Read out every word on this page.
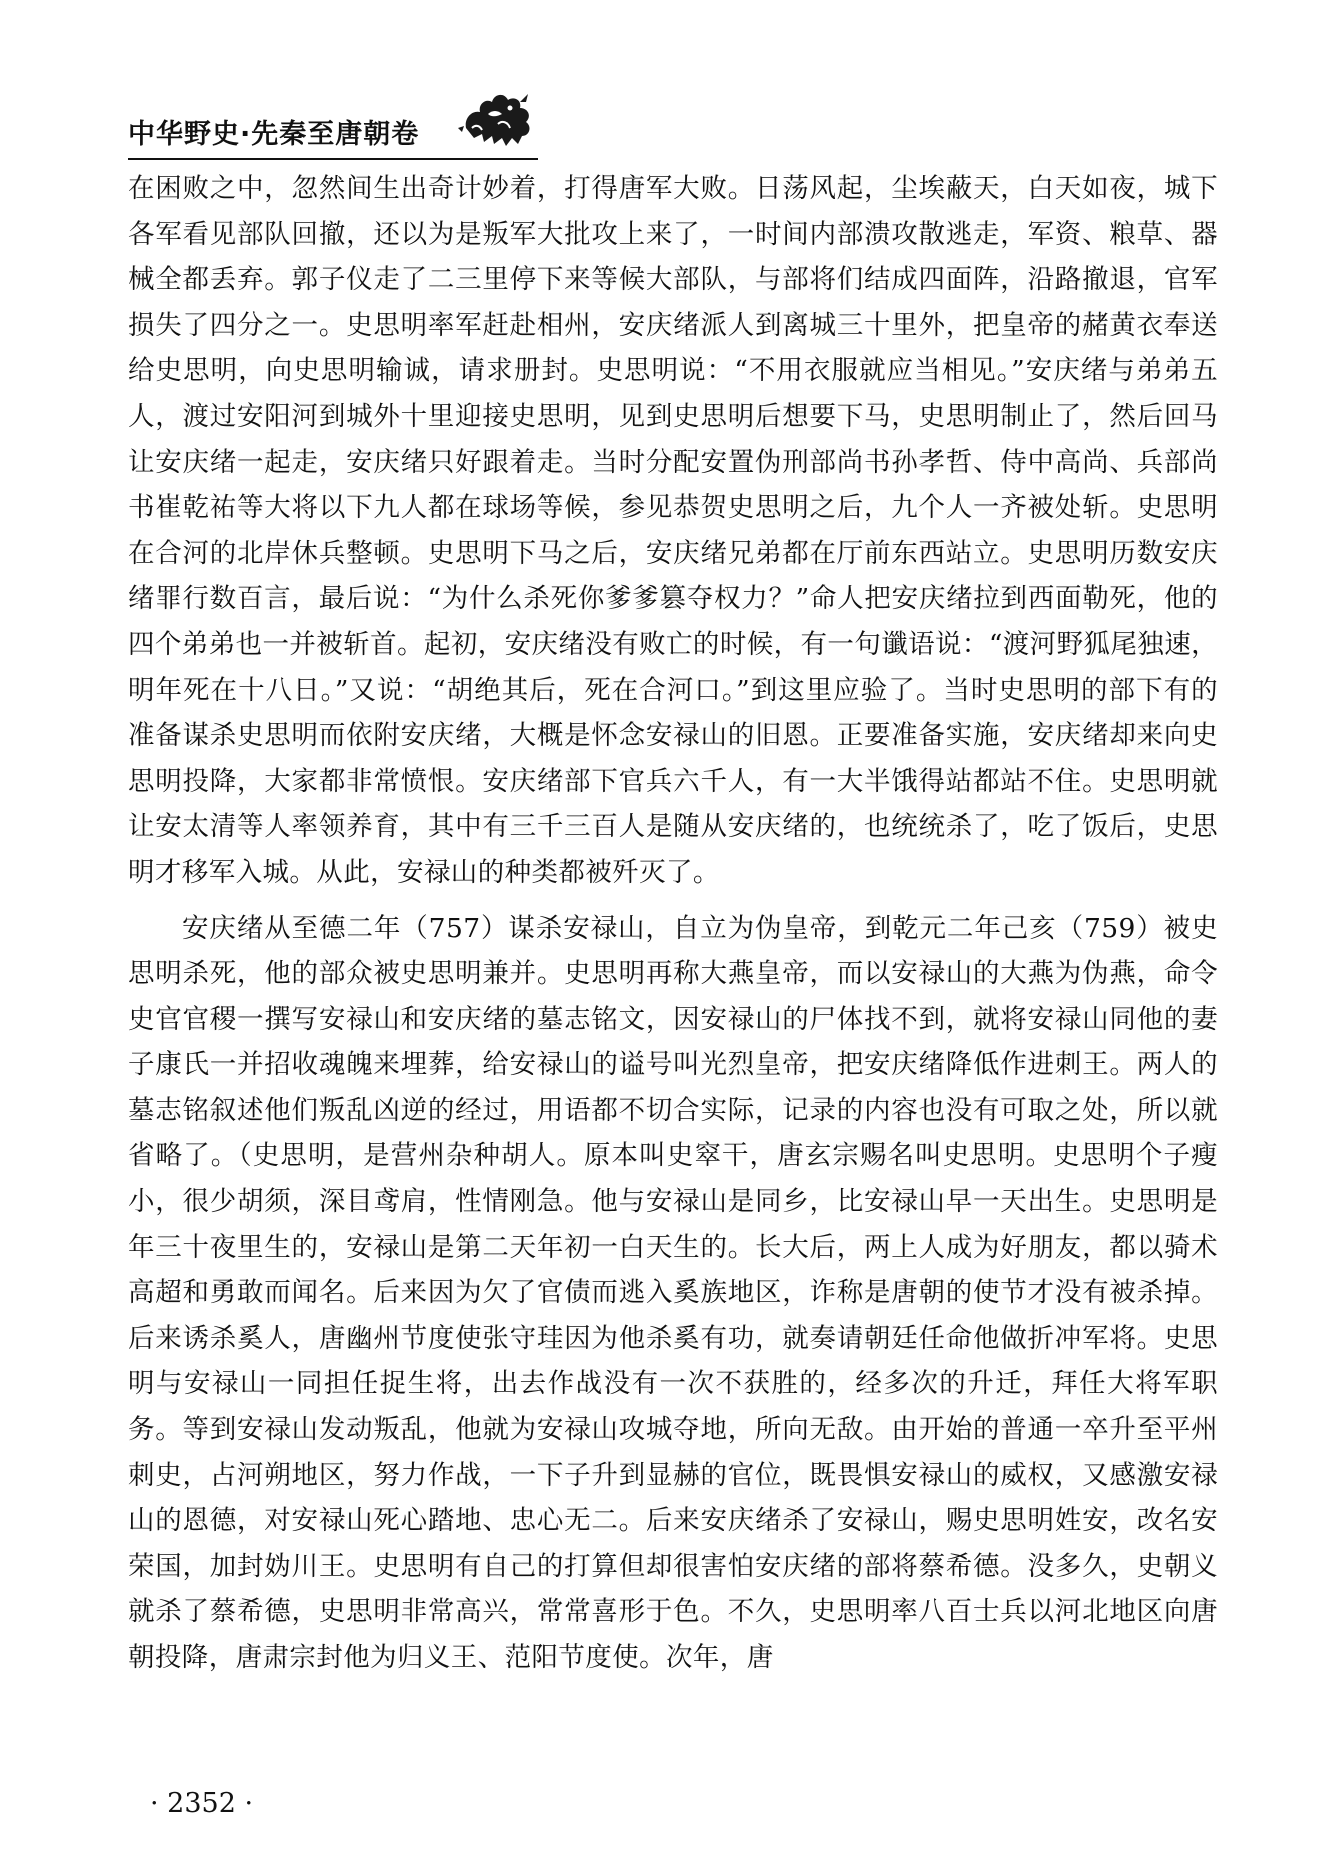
中华野史·先秦至唐朝卷

在困败之中，忽然间生出奇计妙着，打得唐军大败。日荡风起，尘埃蔽天，白天如夜，城下各军看见部队回撤，还以为是叛军大批攻上来了，一时间内部溃攻散逃走，军资、粮草、器械全都丢弃。郭子仪走了二三里停下来等候大部队，与部将们结成四面阵，沿路撤退，官军损失了四分之一。史思明率军赶赴相州，安庆绪派人到离城三十里外，把皇帝的赭黄衣奉送给史思明，向史思明输诚，请求册封。史思明说：“不用衣服就应当相见。”安庆绪与弟弟五人，渡过安阳河到城外十里迎接史思明，见到史思明后想要下马，史思明制止了，然后回马让安庆绪一起走，安庆绪只好跟着走。当时分配安置伪刑部尚书孙孝哲、侍中高尚、兵部尚书崔乾祐等大将以下九人都在球场等候，参见恭贺史思明之后，九个人一齐被处斩。史思明在合河的北岸休兵整顿。史思明下马之后，安庆绪兄弟都在厅前东西站立。史思明历数安庆绪罪行数百言，最后说：“为什么杀死你爹爹篡夺权力？”命人把安庆绪拉到西面勒死，他的四个弟弟也一并被斩首。起初，安庆绪没有败亡的时候，有一句谶语说：“渡河野狐尾独速，明年死在十八日。”又说：“胡绝其后，死在合河口。”到这里应验了。当时史思明的部下有的准备谋杀史思明而依附安庆绪，大概是怀念安禄山的旧恩。正要准备实施，安庆绪却来向史思明投降，大家都非常愤恨。安庆绪部下官兵六千人，有一大半饿得站都站不住。史思明就让安太清等人率领养育，其中有三千三百人是随从安庆绪的，也统统杀了，吃了饭后，史思明才移军入城。从此，安禄山的种类都被歼灭了。

安庆绪从至德二年（757）谋杀安禄山，自立为伪皇帝，到乾元二年己亥（759）被史思明杀死，他的部众被史思明兼并。史思明再称大燕皇帝，而以安禄山的大燕为伪燕，命令史官官稷一撰写安禄山和安庆绪的墓志铭文，因安禄山的尸体找不到，就将安禄山同他的妻子康氏一并招收魂魄来埋葬，给安禄山的谥号叫光烈皇帝，把安庆绪降低作进刺王。两人的墓志铭叙述他们叛乱凶逆的经过，用语都不切合实际，记录的内容也没有可取之处，所以就省略了。（史思明，是营州杂种胡人。原本叫史窣干，唐玄宗赐名叫史思明。史思明个子瘦小，很少胡须，深目鸢肩，性情刚急。他与安禄山是同乡，比安禄山早一天出生。史思明是年三十夜里生的，安禄山是第二天年初一白天生的。长大后，两上人成为好朋友，都以骑术高超和勇敢而闻名。后来因为欠了官债而逃入奚族地区，诈称是唐朝的使节才没有被杀掉。后来诱杀奚人，唐幽州节度使张守珪因为他杀奚有功，就奏请朝廷任命他做折冲军将。史思明与安禄山一同担任捉生将，出去作战没有一次不获胜的，经多次的升迁，拜任大将军职务。等到安禄山发动叛乱，他就为安禄山攻城夺地，所向无敌。由开始的普通一卒升至平州刺史，占河朔地区，努力作战，一下子升到显赫的官位，既畏惧安禄山的威权，又感激安禄山的恩德，对安禄山死心踏地、忠心无二。后来安庆绪杀了安禄山，赐史思明姓安，改名安荣国，加封妫川王。史思明有自己的打算但却很害怕安庆绪的部将蔡希德。没多久，史朝义就杀了蔡希德，史思明非常高兴，常常喜形于色。不久，史思明率八百士兵以河北地区向唐朝投降，唐肃宗封他为归义王、范阳节度使。次年，唐

· 2352 ·
